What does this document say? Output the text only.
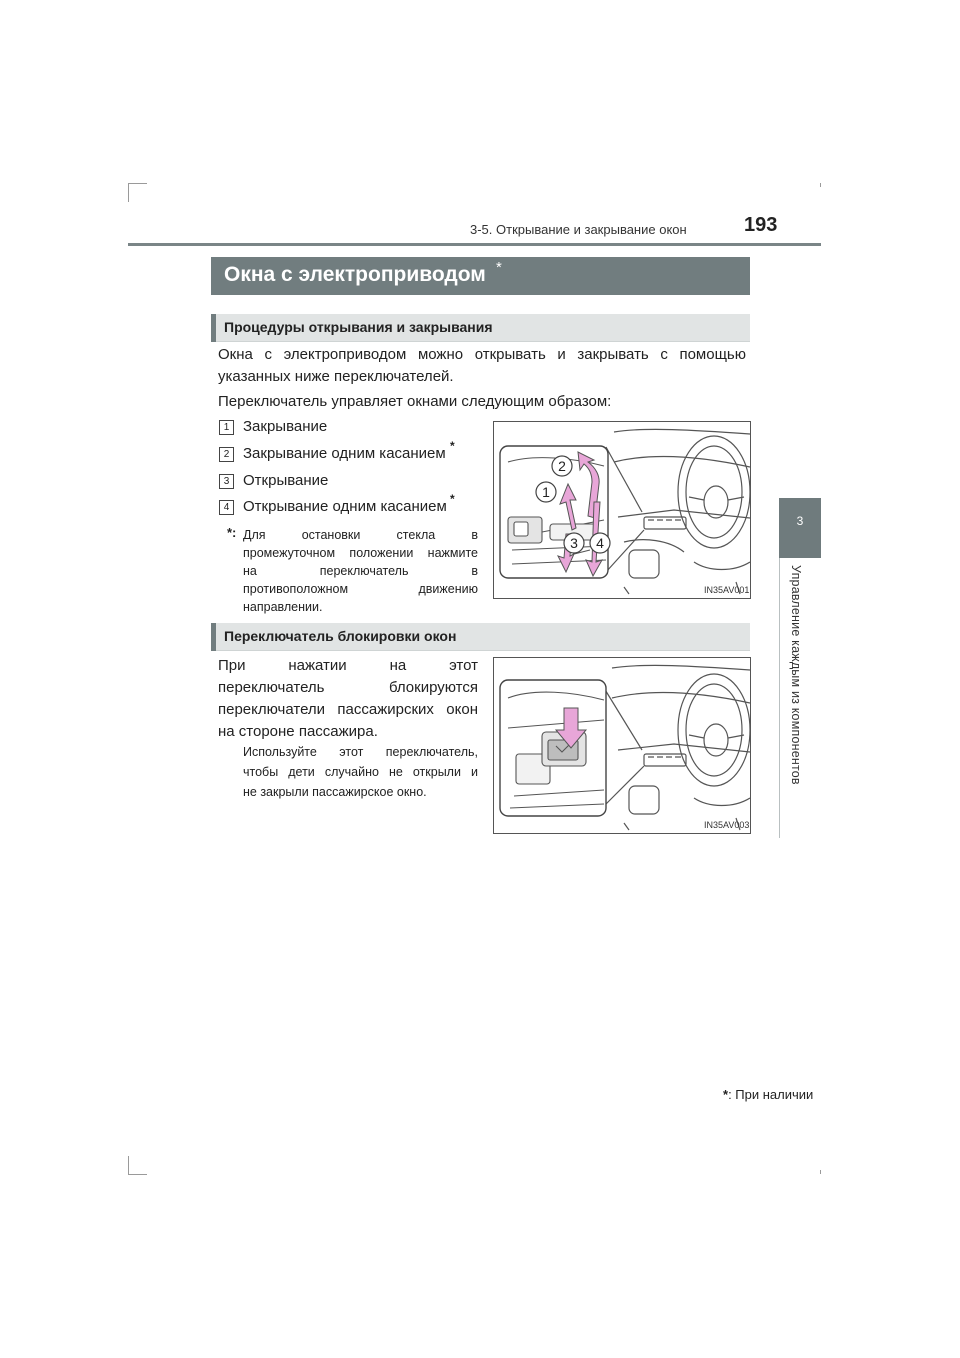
3-5. Открывание и закрывание окон	193
3
Управление каждым из компонентов
Окна с электроприводом *
Процедуры открывания и закрывания
Окна с электроприводом можно открывать и закрывать с помощью
указанных ниже переключателей.
Переключатель управляет окнами следующим образом:
1 Закрывание
2 Закрывание одним касанием *
3 Открывание
4 Открывание одним касанием *
*: Для остановки стекла в
промежуточном положении нажмите
на переключатель в
противоположном движению
направлении.
1
2
3 4
IN35AV001
Переключатель блокировки окон
При нажатии на этот
переключатель блокируются
переключатели пассажирских окон
на стороне пассажира.
Используйте этот переключатель,
чтобы дети случайно не открыли и
не закрыли пассажирское окно.
IN35AV003
*: При наличии
